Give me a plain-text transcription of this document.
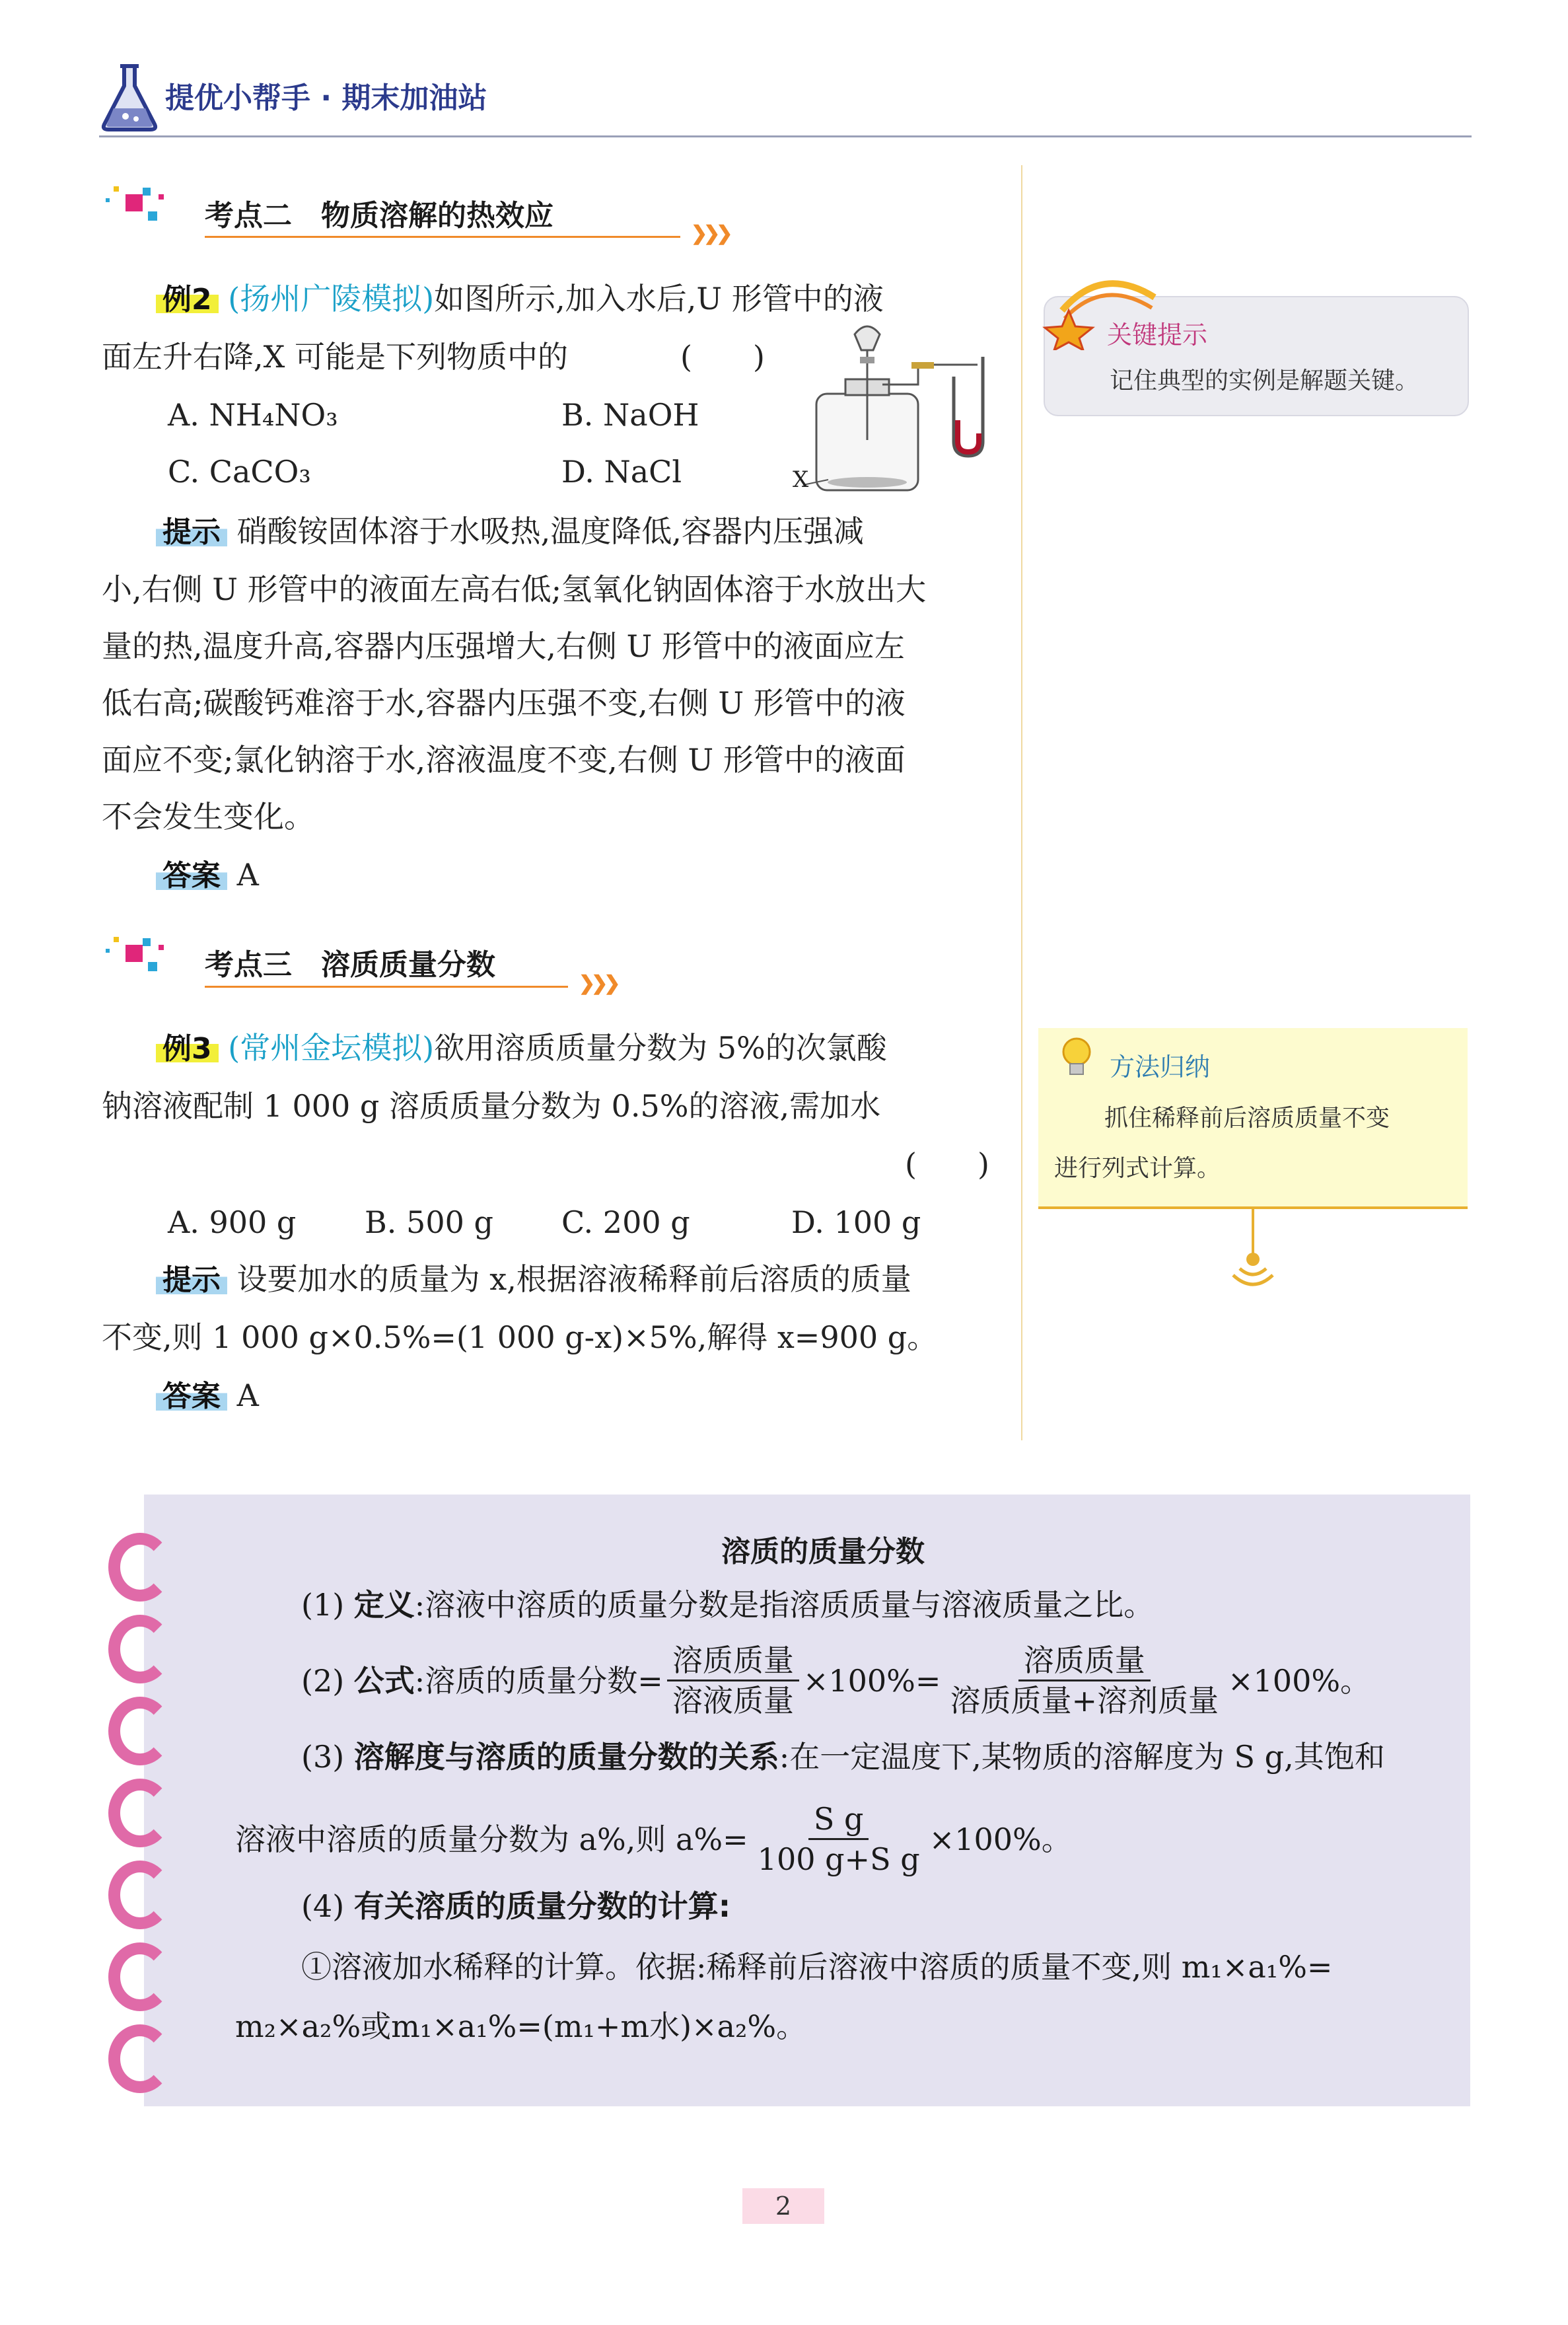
提优小帮手 · 期末加油站
考点二　物质溶解的热效应
❯❯❯
例2 (扬州广陵模拟)如图所示,加入水后,U 形管中的液
面左升右降,X 可能是下列物质中的	(　　)
A. NH₄NO₃	B. NaOH
C. CaCO₃	D. NaCl	X
提示 硝酸铵固体溶于水吸热,温度降低,容器内压强减
小,右侧 U 形管中的液面左高右低;氢氧化钠固体溶于水放出大
量的热,温度升高,容器内压强增大,右侧 U 形管中的液面应左
低右高;碳酸钙难溶于水,容器内压强不变,右侧 U 形管中的液
面应不变;氯化钠溶于水,溶液温度不变,右侧 U 形管中的液面
不会发生变化。
答案 A
考点三　溶质质量分数
❯❯❯
例3 (常州金坛模拟)欲用溶质质量分数为 5%的次氯酸
钠溶液配制 1 000 g 溶质质量分数为 0.5%的溶液,需加水
(　　)
A. 900 g B. 500 g C. 200 g	D. 100 g
提示 设要加水的质量为 x,根据溶液稀释前后溶质的质量
不变,则 1 000 g×0.5%=(1 000 g-x)×5%,解得 x=900 g。
答案 A
关键提示
记住典型的实例是解题关键。
方法归纳
抓住稀释前后溶质质量不变
进行列式计算。
溶质的质量分数
(1) 定义:溶液中溶质的质量分数是指溶质质量与溶液质量之比。
(2)
公式 :溶质的质量分数= $\frac{\text{溶质质量}}{\text{溶液质量}} \times 100\%= \frac{\text{溶质质量}}{\text{溶质质量+溶剂质量}} \times 100\%$。
(3) 溶解度与溶质的质量分数的关系:在一定温度下,某物质的溶解度为 S g,其饱和
溶液中溶质的质量分数为 a%,则 $a\%= \frac{\text{S g}}{\text{100 g+S g}} \times 100\%$。
(4) 有关溶质的质量分数的计算:
①溶液加水稀释的计算。依据:稀释前后溶液中溶质的质量不变,则 m₁×a₁%=
m₂×a₂%或m₁×a₁%=(m₁+m水)×a₂%。
2
